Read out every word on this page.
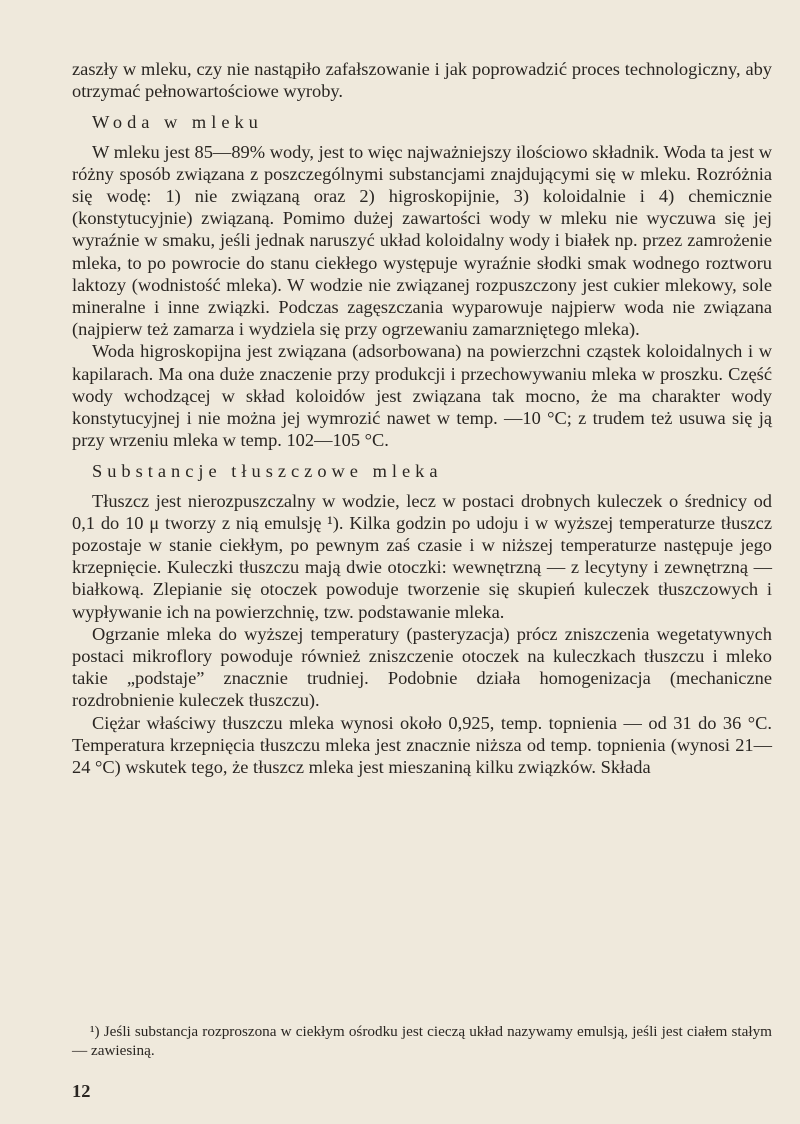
zaszły w mleku, czy nie nastąpiło zafałszowanie i jak poprowadzić proces technologiczny, aby otrzymać pełnowartościowe wyroby.

Woda w mleku

W mleku jest 85—89% wody, jest to więc najważniejszy ilościowo składnik. Woda ta jest w różny sposób związana z poszczególnymi substancjami znajdującymi się w mleku. Rozróżnia się wodę: 1) nie związaną oraz 2) higroskopijnie, 3) koloidalnie i 4) chemicznie (konstytucyjnie) związaną. Pomimo dużej zawartości wody w mleku nie wyczuwa się jej wyraźnie w smaku, jeśli jednak naruszyć układ koloidalny wody i białek np. przez zamrożenie mleka, to po powrocie do stanu ciekłego występuje wyraźnie słodki smak wodnego roztworu laktozy (wodnistość mleka). W wodzie nie związanej rozpuszczony jest cukier mlekowy, sole mineralne i inne związki. Podczas zagęszczania wyparowuje najpierw woda nie związana (najpierw też zamarza i wydziela się przy ogrzewaniu zamarzniętego mleka).

Woda higroskopijna jest związana (adsorbowana) na powierzchni cząstek koloidalnych i w kapilarach. Ma ona duże znaczenie przy produkcji i przechowywaniu mleka w proszku. Część wody wchodzącej w skład koloidów jest związana tak mocno, że ma charakter wody konstytucyjnej i nie można jej wymrozić nawet w temp. —10 °C; z trudem też usuwa się ją przy wrzeniu mleka w temp. 102—105 °C.

Substancje tłuszczowe mleka

Tłuszcz jest nierozpuszczalny w wodzie, lecz w postaci drobnych kuleczek o średnicy od 0,1 do 10 μ tworzy z nią emulsję ¹). Kilka godzin po udoju i w wyższej temperaturze tłuszcz pozostaje w stanie ciekłym, po pewnym zaś czasie i w niższej temperaturze następuje jego krzepnięcie. Kuleczki tłuszczu mają dwie otoczki: wewnętrzną — z lecytyny i zewnętrzną — białkową. Zlepianie się otoczek powoduje tworzenie się skupień kuleczek tłuszczowych i wypływanie ich na powierzchnię, tzw. podstawanie mleka.

Ogrzanie mleka do wyższej temperatury (pasteryzacja) prócz zniszczenia wegetatywnych postaci mikroflory powoduje również zniszczenie otoczek na kuleczkach tłuszczu i mleko takie „podstaje” znacznie trudniej. Podobnie działa homogenizacja (mechaniczne rozdrobnienie kuleczek tłuszczu).

Ciężar właściwy tłuszczu mleka wynosi około 0,925, temp. topnienia — od 31 do 36 °C. Temperatura krzepnięcia tłuszczu mleka jest znacznie niższa od temp. topnienia (wynosi 21—24 °C) wskutek tego, że tłuszcz mleka jest mieszaniną kilku związków. Składa

¹) Jeśli substancja rozproszona w ciekłym ośrodku jest cieczą układ nazywamy emulsją, jeśli jest ciałem stałym — zawiesiną.
12
